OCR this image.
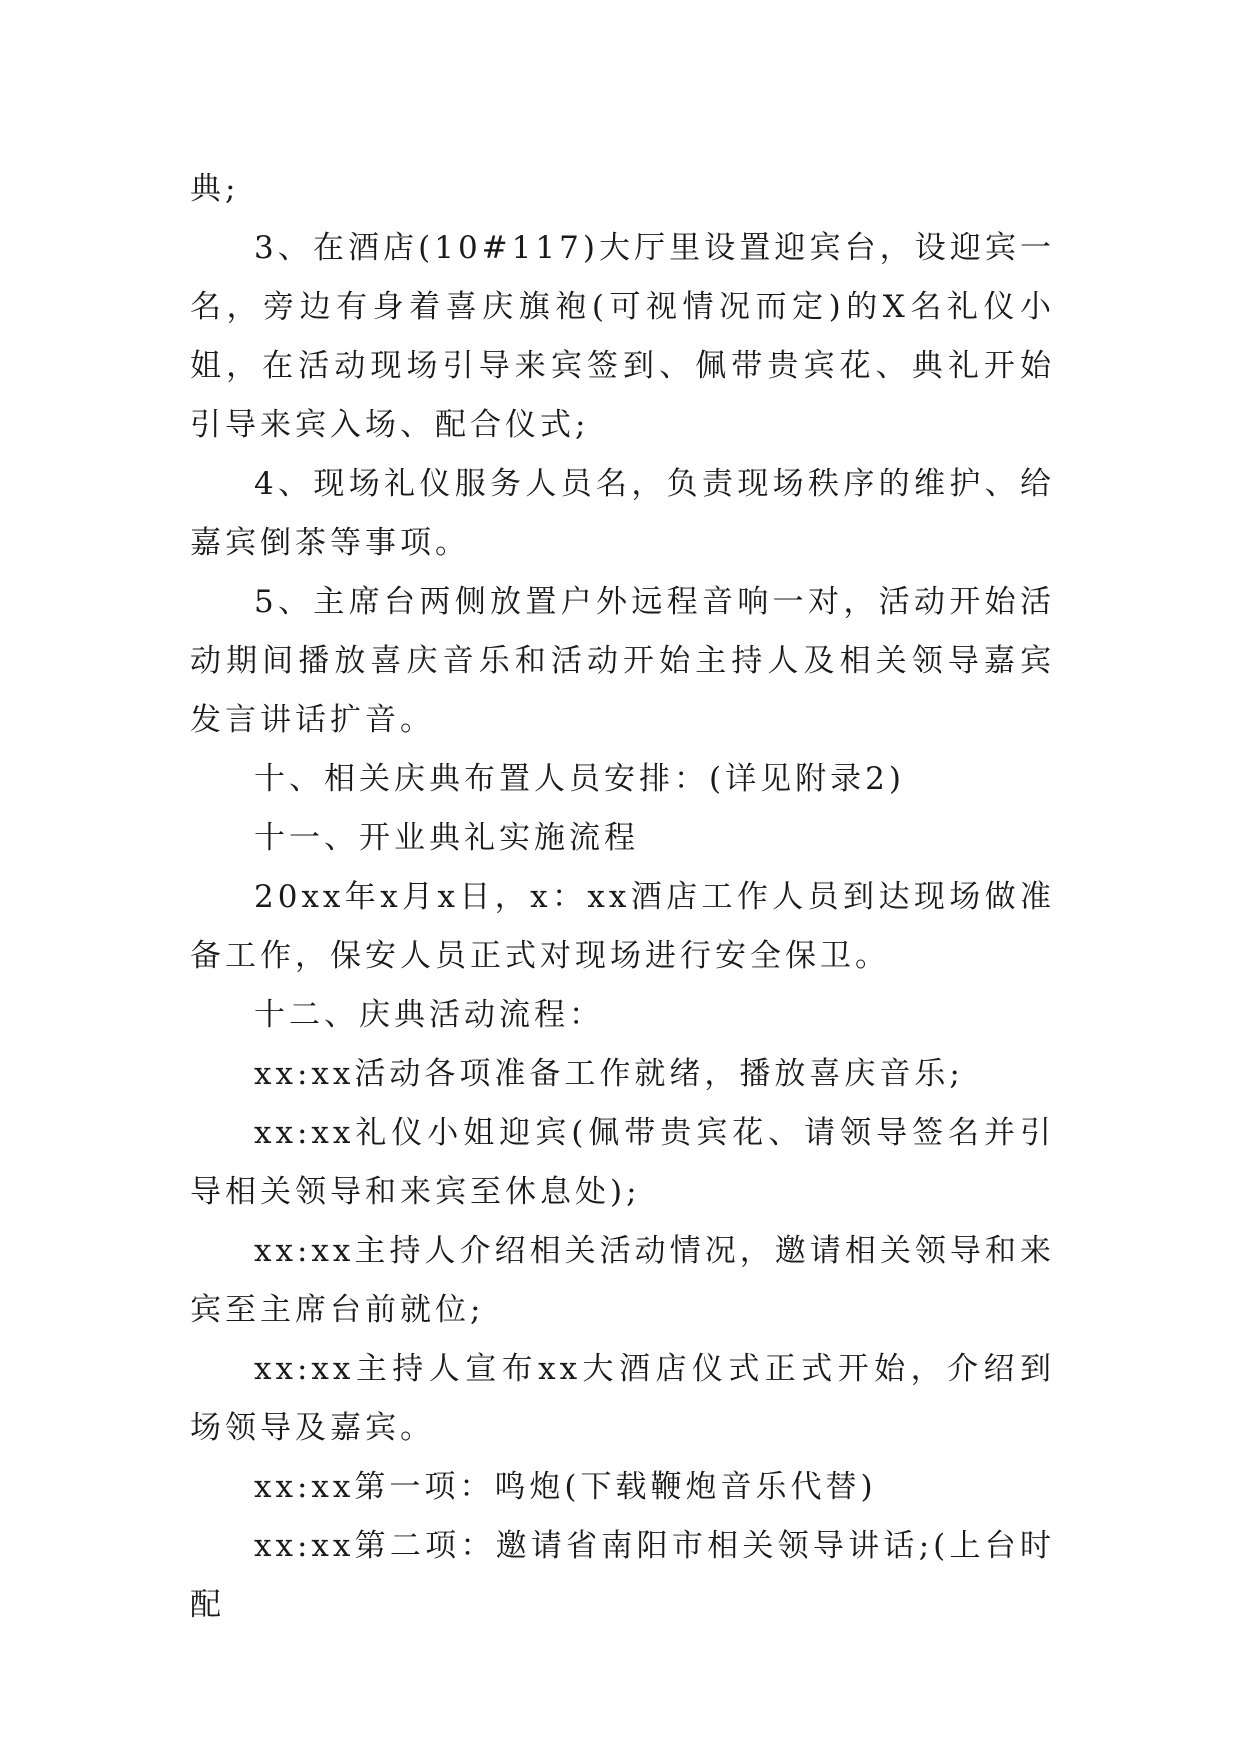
典;

3、在酒店(10#117)大厅里设置迎宾台，设迎宾一名，旁边有身着喜庆旗袍(可视情况而定)的X名礼仪小姐，在活动现场引导来宾签到、佩带贵宾花、典礼开始引导来宾入场、配合仪式;

4、现场礼仪服务人员名，负责现场秩序的维护、给嘉宾倒茶等事项。

5、主席台两侧放置户外远程音响一对，活动开始活动期间播放喜庆音乐和活动开始主持人及相关领导嘉宾发言讲话扩音。

十、相关庆典布置人员安排：(详见附录2)

十一、开业典礼实施流程

20xx年x月x日，x：xx酒店工作人员到达现场做准备工作，保安人员正式对现场进行安全保卫。

十二、庆典活动流程：

xx:xx活动各项准备工作就绪，播放喜庆音乐;

xx:xx礼仪小姐迎宾(佩带贵宾花、请领导签名并引导相关领导和来宾至休息处);

xx:xx主持人介绍相关活动情况，邀请相关领导和来宾至主席台前就位;

xx:xx主持人宣布xx大酒店仪式正式开始，介绍到场领导及嘉宾。

xx:xx第一项：鸣炮(下载鞭炮音乐代替)

xx:xx第二项：邀请省南阳市相关领导讲话;(上台时配
